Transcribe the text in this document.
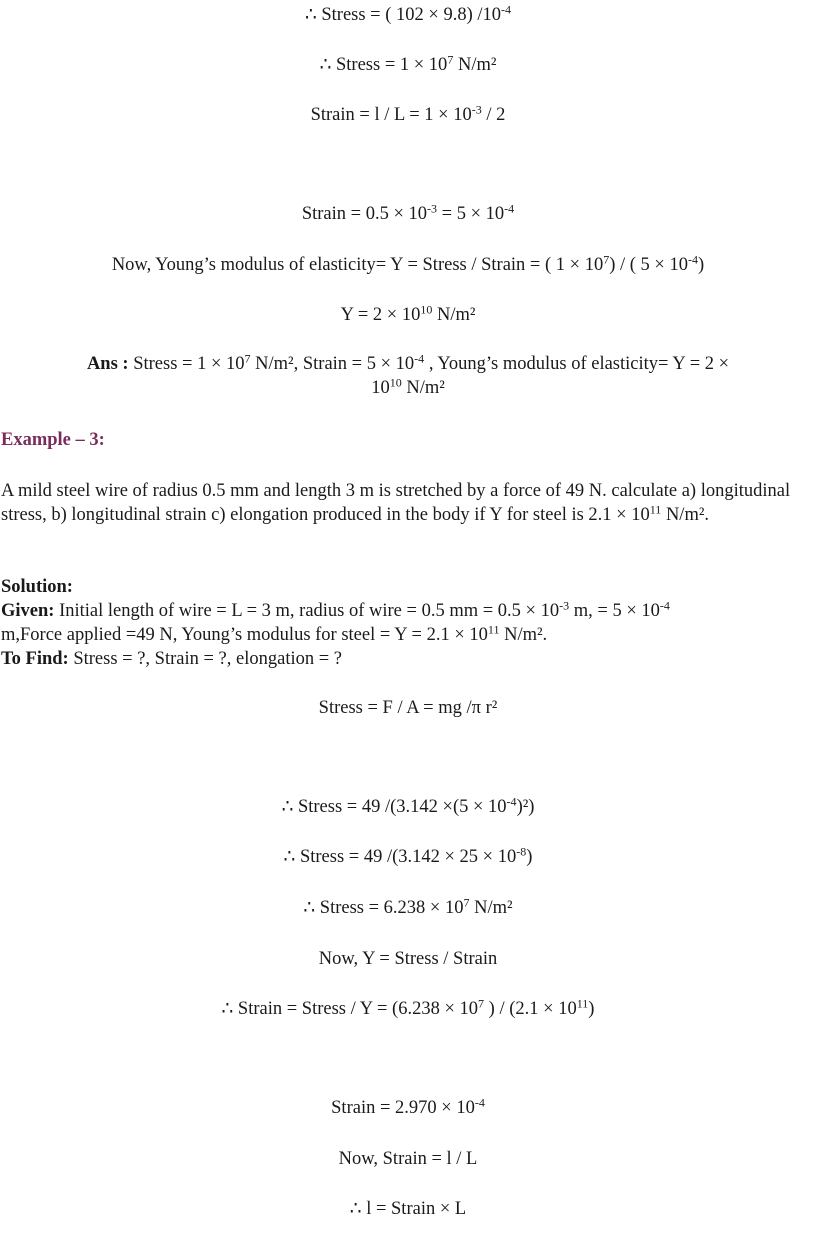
∴ Stress = ( 102 × 9.8) $/10^{-4}$
∴ Stress = $1 \times 10^7$ N/m²
Strain = $l / L = 1 \times 10^{-3} / 2$
Strain = $0.5 \times 10^{-3} = 5 \times 10^{-4}$
Now, Young’s modulus of elasticity= Y = Stress / Strain = ( $1 \times 10^7$) / ( $5 \times 10^{-4}$)
$Y = 2 \times 10^{10}$ N/m²
Ans : Stress = $1 \times 10^7$ N/m², Strain = $5 \times 10^{-4}$ , Young’s modulus of elasticity= Y = 2 ×
$10^{10}$ N/m²
Example – 3:
A mild steel wire of radius 0.5 mm and length 3 m is stretched by a force of 49 N. calculate a) longitudinal stress, b) longitudinal strain c) elongation produced in the body if Y for steel is $2.1 \times 10^{11}$ N/m².
Solution:
Given: Initial length of wire = L = 3 m, radius of wire = 0.5 mm = $0.5 \times 10^{-3}$ m, = $5 \times 10^{-4}$
m,Force applied =49 N, Young’s modulus for steel = $Y = 2.1 \times 10^{11}$ N/m².
To Find: Stress = ?, Strain = ?, elongation = ?
Stress = F / A = mg /π r²
∴ Stress = 49 $/(3.142 \times(5 \times 10^{-4})^2)$
∴ Stress = 49 $/(3.142 \times 25 \times 10^{-8})$
∴ Stress = $6.238 \times 10^7$ N/m²
Now, Y = Stress / Strain
∴ Strain = Stress / $Y = (6.238 \times 10^7$ ) / $(2.1 \times 10^{11})$
Strain = $2.970 \times 10^{-4}$
Now, Strain = l / L
∴ l = Strain × L
